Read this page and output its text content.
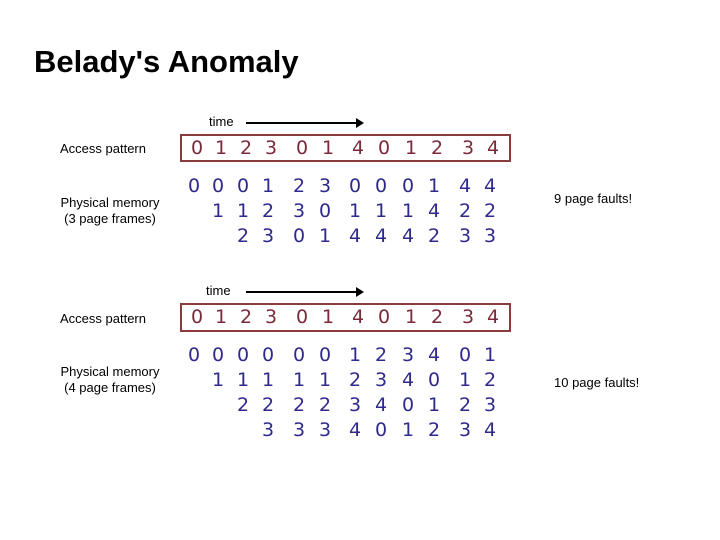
Belady's Anomaly
time
Access pattern 0 1 2 3 0 1 4 0 1 2 3 4
Physical memory
(3 page frames)
0 0 0 1 2 3 0 0 0 1 4 4
1 1 2 3 0 1 1 1 4 2 2
2 3 0 1 4 4 4 2 3 3
9 page faults!
time
Access pattern 0 1 2 3 0 1 4 0 1 2 3 4
Physical memory
(4 page frames)
0 0 0 0 0 0 1 2 3 4 0 1
1 1 1 1 1 2 3 4 0 1 2
2 2 2 2 3 4 0 1 2 3
3 3 3 4 0 1 2 3 4
10 page faults!
